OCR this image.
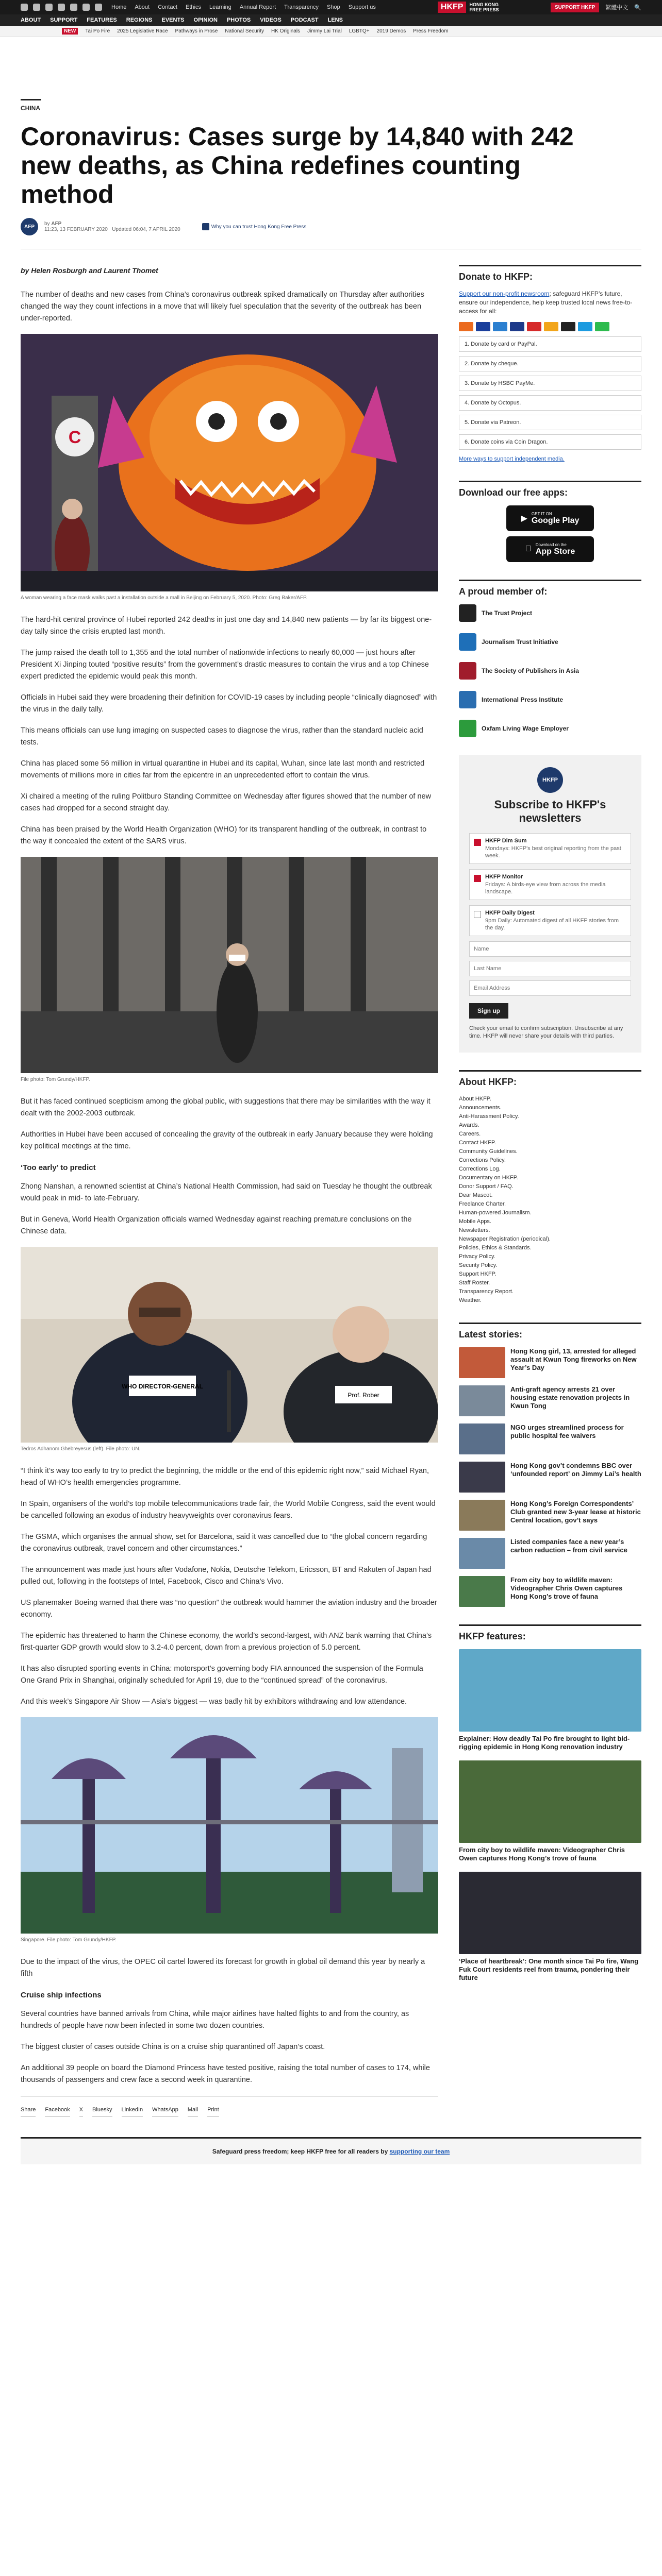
Home About Contact Ethics Learning Annual Report Transparency Shop Support us	HKFP	HONG KONG
FREE PRESS	SUPPORT HKFP	繁體中文 🔍
ABOUT SUPPORT FEATURES REGIONS EVENTS OPINION PHOTOS VIDEOS PODCAST LENS
NEW	Tai Po Fire 2025 Legislative Race Pathways in Prose National Security HK Originals Jimmy Lai Trial LGBTQ+ 2019 Demos Press Freedom
CHINA
Coronavirus: Cases surge by 14,840 with 242 new deaths, as China redefines counting method
AFP	by AFP
11:23, 13 FEBRUARY 2020 Updated 06:04, 7 APRIL 2020	Why you can trust Hong Kong Free Press
by Helen Rosburgh and Laurent Thomet

The number of deaths and new cases from China’s coronavirus outbreak spiked dramatically on Thursday after authorities changed the way they count infections in a move that will likely fuel speculation that the severity of the outbreak has been under-reported.

C
A woman wearing a face mask walks past a installation outside a mall in Beijing on February 5, 2020. Photo: Greg Baker/AFP.

The hard-hit central province of Hubei reported 242 deaths in just one day and 14,840 new patients — by far its biggest one-day tally since the crisis erupted last month.

The jump raised the death toll to 1,355 and the total number of nationwide infections to nearly 60,000 — just hours after President Xi Jinping touted “positive results” from the government’s drastic measures to contain the virus and a top Chinese expert predicted the epidemic would peak this month.

Officials in Hubei said they were broadening their definition for COVID-19 cases by including people “clinically diagnosed” with the virus in the daily tally.

This means officials can use lung imaging on suspected cases to diagnose the virus, rather than the standard nucleic acid tests.

China has placed some 56 million in virtual quarantine in Hubei and its capital, Wuhan, since late last month and restricted movements of millions more in cities far from the epicentre in an unprecedented effort to contain the virus.

Xi chaired a meeting of the ruling Politburo Standing Committee on Wednesday after figures showed that the number of new cases had dropped for a second straight day.

China has been praised by the World Health Organization (WHO) for its transparent handling of the outbreak, in contrast to the way it concealed the extent of the SARS virus.

File photo: Tom Grundy/HKFP.

But it has faced continued scepticism among the global public, with suggestions that there may be similarities with the way it dealt with the 2002-2003 outbreak.

Authorities in Hubei have been accused of concealing the gravity of the outbreak in early January because they were holding key political meetings at the time.

‘Too early’ to predict

Zhong Nanshan, a renowned scientist at China’s National Health Commission, had said on Tuesday he thought the outbreak would peak in mid- to late-February.

But in Geneva, World Health Organization officials warned Wednesday against reaching premature conclusions on the Chinese data.

WHO DIRECTOR-GENERAL
Prof. Rober
Tedros Adhanom Ghebreyesus (left). File photo: UN.

“I think it’s way too early to try to predict the beginning, the middle or the end of this epidemic right now,” said Michael Ryan, head of WHO’s health emergencies programme.

In Spain, organisers of the world’s top mobile telecommunications trade fair, the World Mobile Congress, said the event would be cancelled following an exodus of industry heavyweights over coronavirus fears.

The GSMA, which organises the annual show, set for Barcelona, said it was cancelled due to “the global concern regarding the coronavirus outbreak, travel concern and other circumstances.”

The announcement was made just hours after Vodafone, Nokia, Deutsche Telekom, Ericsson, BT and Rakuten of Japan had pulled out, following in the footsteps of Intel, Facebook, Cisco and China’s Vivo.

US planemaker Boeing warned that there was “no question” the outbreak would hammer the aviation industry and the broader economy.

The epidemic has threatened to harm the Chinese economy, the world’s second-largest, with ANZ bank warning that China’s first-quarter GDP growth would slow to 3.2-4.0 percent, down from a previous projection of 5.0 percent.

It has also disrupted sporting events in China: motorsport’s governing body FIA announced the suspension of the Formula One Grand Prix in Shanghai, originally scheduled for April 19, due to the “continued spread” of the coronavirus.

And this week’s Singapore Air Show — Asia’s biggest — was badly hit by exhibitors withdrawing and low attendance.

Singapore. File photo: Tom Grundy/HKFP.

Due to the impact of the virus, the OPEC oil cartel lowered its forecast for growth in global oil demand this year by nearly a fifth

Cruise ship infections

Several countries have banned arrivals from China, while major airlines have halted flights to and from the country, as hundreds of people have now been infected in some two dozen countries.

The biggest cluster of cases outside China is on a cruise ship quarantined off Japan’s coast.

An additional 39 people on board the Diamond Princess have tested positive, raising the total number of cases to 174, while thousands of passengers and crew face a second week in quarantine.

Share Facebook X Bluesky LinkedIn WhatsApp Mail Print
Donate to HKFP:
Support our non-profit newsroom; safeguard HKFP’s future, ensure our independence, help keep trusted local news free-to-access for all:
1. Donate by card or PayPal.
2. Donate by cheque.
3. Donate by HSBC PayMe.
4. Donate by Octopus.
5. Donate via Patreon.
6. Donate coins via Coin Dragon.
More ways to support independent media.
Download our free apps:
▶
GET IT ON
Google Play
Download on the
App Store
A proud member of:
The Trust Project
Journalism Trust Initiative
The Society of Publishers in Asia
International Press Institute
Oxfam Living Wage Employer
HKFP
Subscribe to HKFP's newsletters
HKFP Dim Sum
Mondays: HKFP's best original reporting from the past week.
HKFP Monitor
Fridays: A birds-eye view from across the media landscape.
HKFP Daily Digest
9pm Daily: Automated digest of all HKFP stories from the day.
Name Last Name Email Address Sign up
Check your email to confirm subscription. Unsubscribe at any time. HKFP will never share your details with third parties.
About HKFP:
About HKFP.
Announcements.
Anti-Harassment Policy.
Awards.
Careers.
Contact HKFP.
Community Guidelines.
Corrections Policy.
Corrections Log.
Documentary on HKFP.
Donor Support / FAQ.
Dear Mascot.
Freelance Charter.
Human-powered Journalism.
Mobile Apps.
Newsletters.
Newspaper Registration (periodical).
Policies, Ethics & Standards.
Privacy Policy.
Security Policy.
Support HKFP.
Staff Roster.
Transparency Report.
Weather.
Latest stories:
Hong Kong girl, 13, arrested for alleged assault at Kwun Tong fireworks on New Year’s Day
Anti-graft agency arrests 21 over housing estate renovation projects in Kwun Tong
NGO urges streamlined process for public hospital fee waivers
Hong Kong gov’t condemns BBC over ‘unfounded report’ on Jimmy Lai’s health
Hong Kong’s Foreign Correspondents’ Club granted new 3-year lease at historic Central location, gov’t says
Listed companies face a new year’s carbon reduction – from civil service
From city boy to wildlife maven: Videographer Chris Owen captures Hong Kong’s trove of fauna
HKFP features:
Explainer: How deadly Tai Po fire brought to light bid-rigging epidemic in Hong Kong renovation industry
From city boy to wildlife maven: Videographer Chris Owen captures Hong Kong’s trove of fauna
‘Place of heartbreak’: One month since Tai Po fire, Wang Fuk Court residents reel from trauma, pondering their future
Safeguard press freedom; keep HKFP free for all readers by supporting our team
